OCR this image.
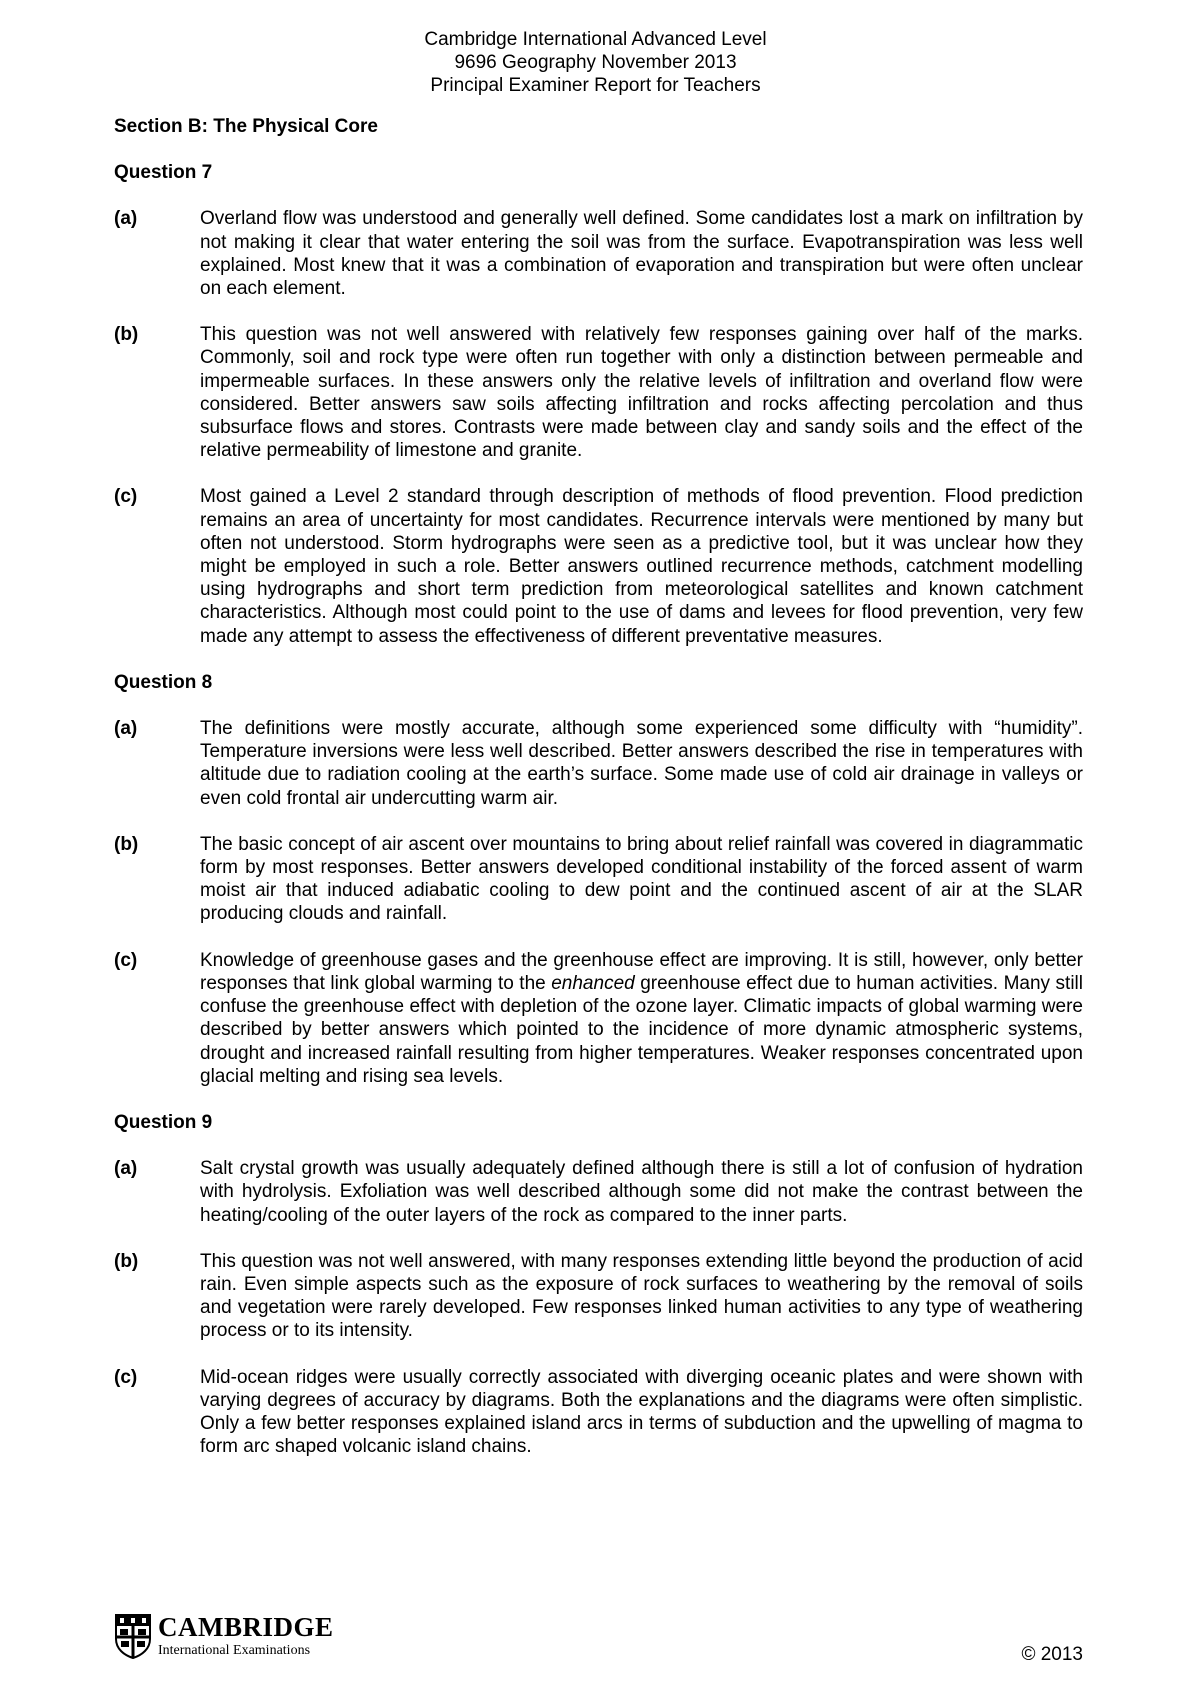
Cambridge International Advanced Level
9696 Geography November 2013
Principal Examiner Report for Teachers

Section B: The Physical Core

Question 7

(a)	Overland flow was understood and generally well defined. Some candidates lost a mark on infiltration by not making it clear that water entering the soil was from the surface. Evapotranspiration was less well explained. Most knew that it was a combination of evaporation and transpiration but were often unclear on each element.
(b)	This question was not well answered with relatively few responses gaining over half of the marks. Commonly, soil and rock type were often run together with only a distinction between permeable and impermeable surfaces. In these answers only the relative levels of infiltration and overland flow were considered. Better answers saw soils affecting infiltration and rocks affecting percolation and thus subsurface flows and stores. Contrasts were made between clay and sandy soils and the effect of the relative permeability of limestone and granite.
(c)	Most gained a Level 2 standard through description of methods of flood prevention. Flood prediction remains an area of uncertainty for most candidates. Recurrence intervals were mentioned by many but often not understood. Storm hydrographs were seen as a predictive tool, but it was unclear how they might be employed in such a role. Better answers outlined recurrence methods, catchment modelling using hydrographs and short term prediction from meteorological satellites and known catchment characteristics. Although most could point to the use of dams and levees for flood prevention, very few made any attempt to assess the effectiveness of different preventative measures.

Question 8

(a)	The definitions were mostly accurate, although some experienced some difficulty with “humidity”. Temperature inversions were less well described. Better answers described the rise in temperatures with altitude due to radiation cooling at the earth’s surface. Some made use of cold air drainage in valleys or even cold frontal air undercutting warm air.
(b)	The basic concept of air ascent over mountains to bring about relief rainfall was covered in diagrammatic form by most responses. Better answers developed conditional instability of the forced assent of warm moist air that induced adiabatic cooling to dew point and the continued ascent of air at the SLAR producing clouds and rainfall.
(c)	Knowledge of greenhouse gases and the greenhouse effect are improving. It is still, however, only better responses that link global warming to the enhanced greenhouse effect due to human activities. Many still confuse the greenhouse effect with depletion of the ozone layer. Climatic impacts of global warming were described by better answers which pointed to the incidence of more dynamic atmospheric systems, drought and increased rainfall resulting from higher temperatures. Weaker responses concentrated upon glacial melting and rising sea levels.

Question 9

(a)	Salt crystal growth was usually adequately defined although there is still a lot of confusion of hydration with hydrolysis. Exfoliation was well described although some did not make the contrast between the heating/cooling of the outer layers of the rock as compared to the inner parts.
(b)	This question was not well answered, with many responses extending little beyond the production of acid rain. Even simple aspects such as the exposure of rock surfaces to weathering by the removal of soils and vegetation were rarely developed. Few responses linked human activities to any type of weathering process or to its intensity.
(c)	Mid-ocean ridges were usually correctly associated with diverging oceanic plates and were shown with varying degrees of accuracy by diagrams. Both the explanations and the diagrams were often simplistic. Only a few better responses explained island arcs in terms of subduction and the upwelling of magma to form arc shaped volcanic island chains.
CAMBRIDGE
International Examinations	© 2013
